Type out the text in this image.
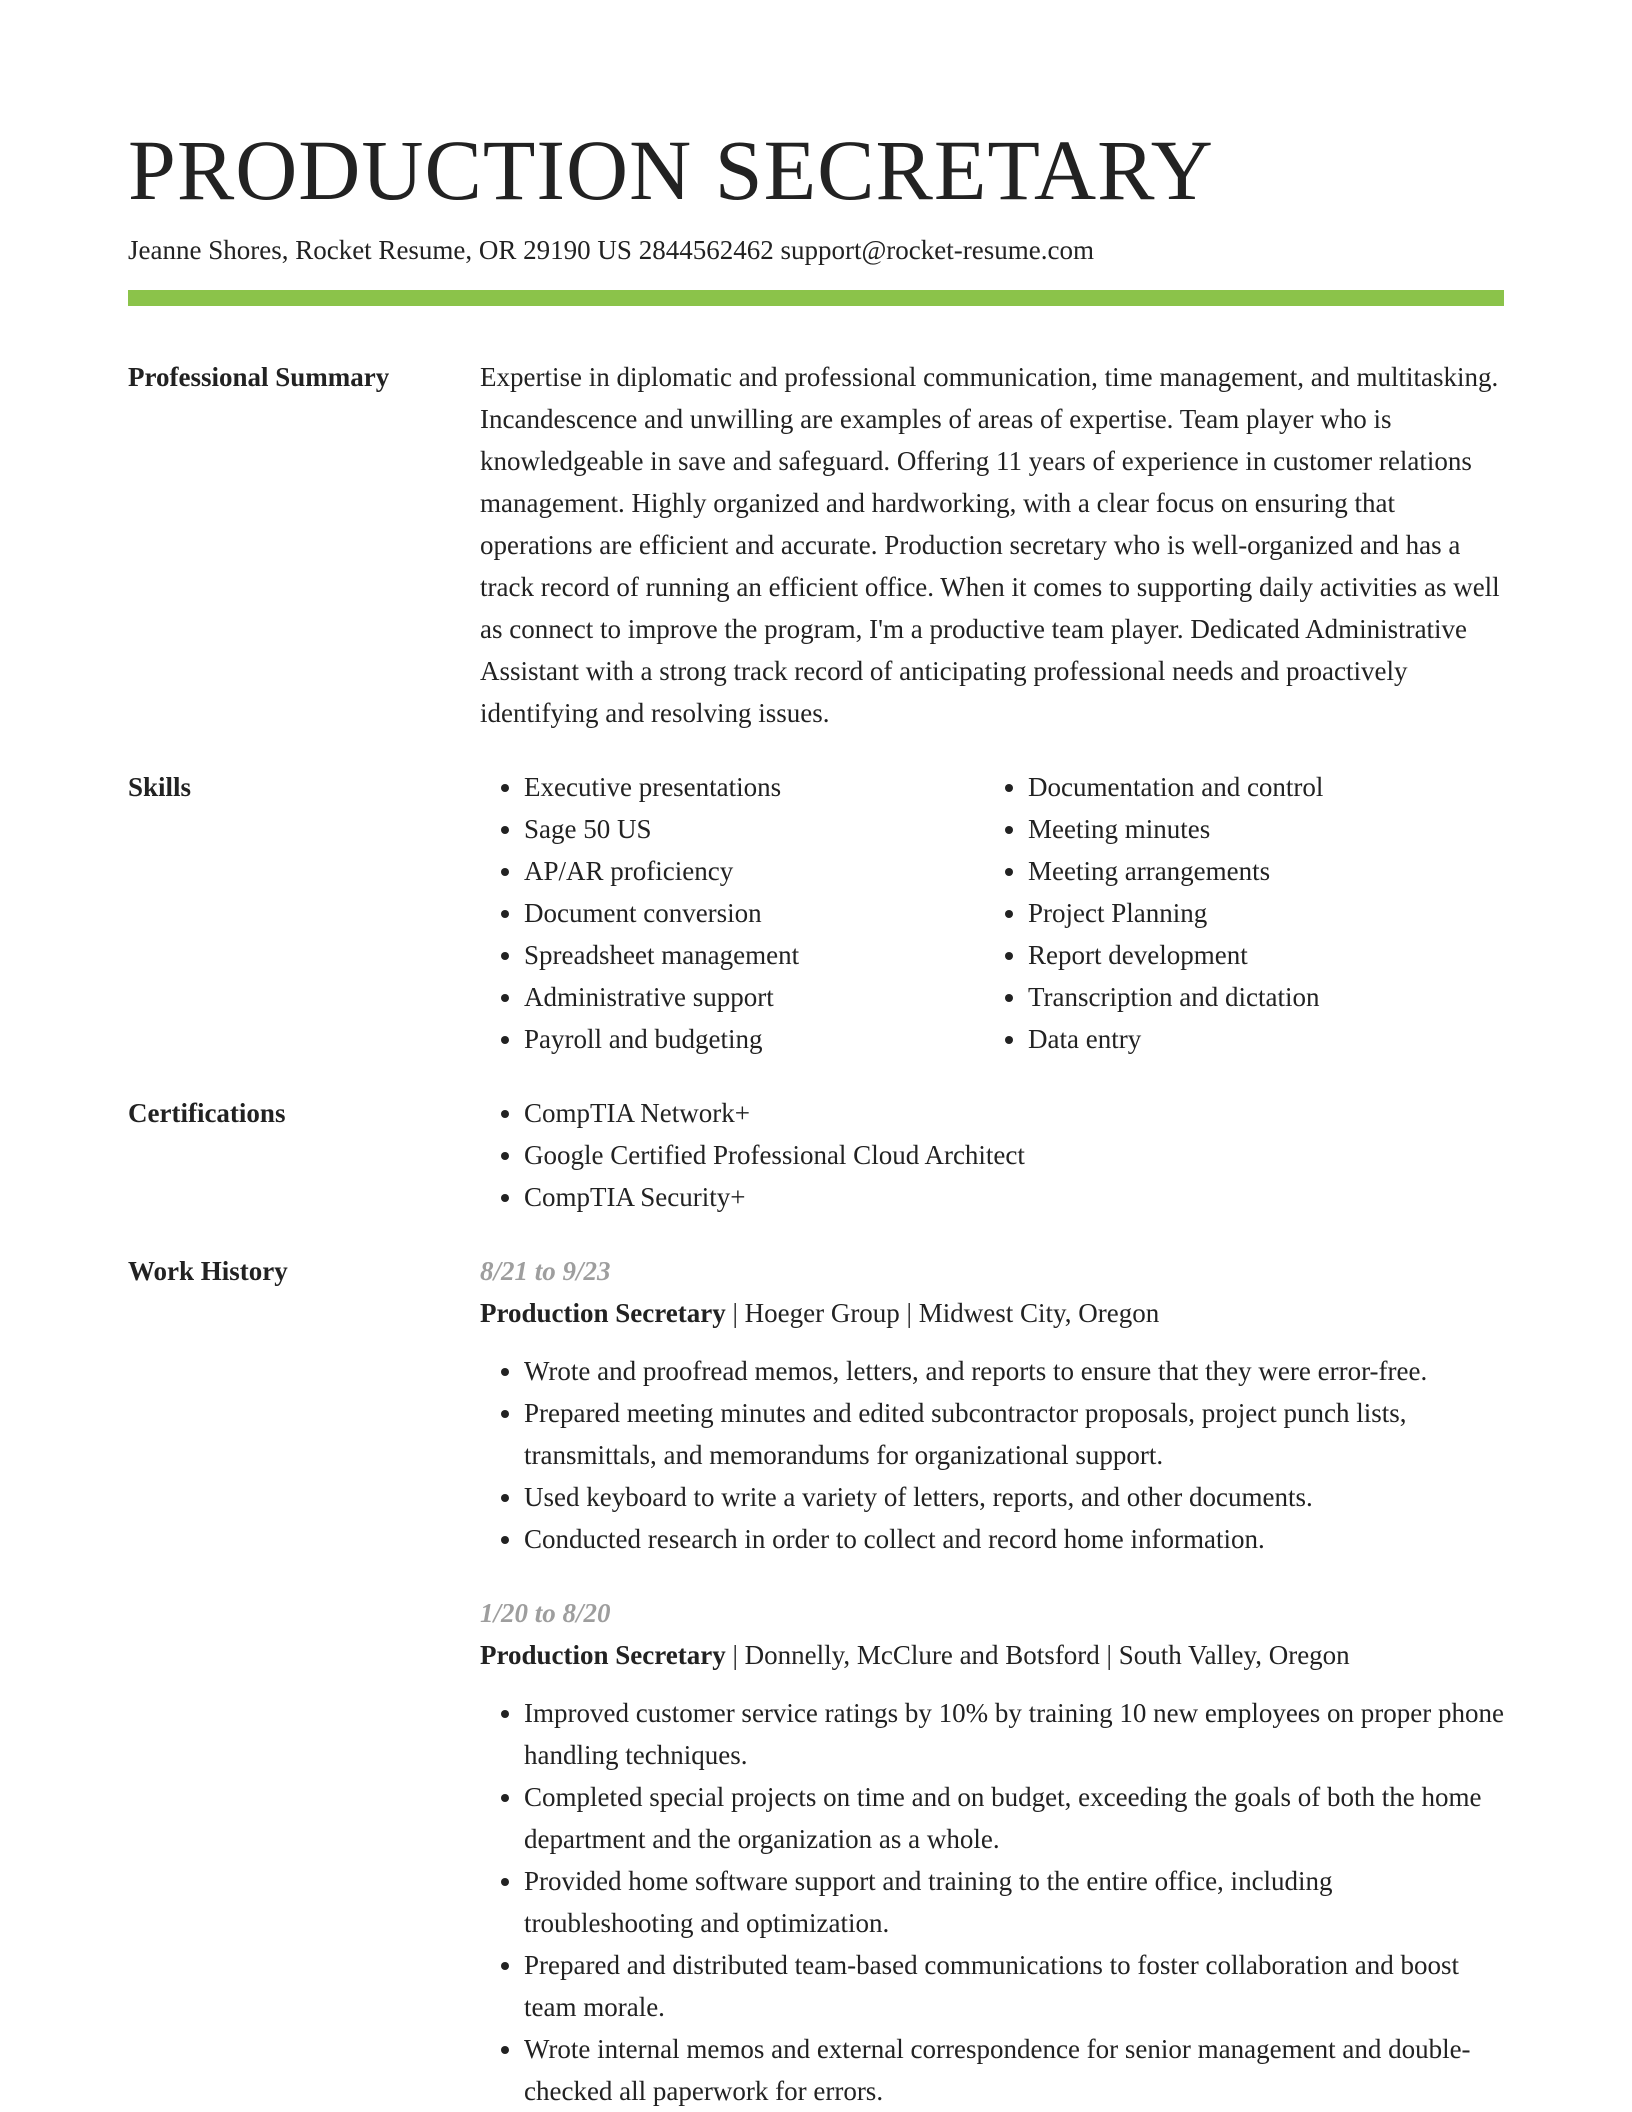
PRODUCTION SECRETARY
Jeanne Shores, Rocket Resume, OR 29190 US 2844562462 support@rocket-resume.com
Professional Summary	Expertise in diplomatic and professional communication, time management, and multitasking. Incandescence and unwilling are examples of areas of expertise. Team player who is knowledgeable in save and safeguard. Offering 11 years of experience in customer relations management. Highly organized and hardworking, with a clear focus on ensuring that operations are efficient and accurate. Production secretary who is well-organized and has a track record of running an efficient office. When it comes to supporting daily activities as well as connect to improve the program, I'm a productive team player. Dedicated Administrative Assistant with a strong track record of anticipating professional needs and proactively identifying and resolving issues.

Skills	• Executive presentations
• Sage 50 US
• AP/AR proficiency
• Document conversion
• Spreadsheet management
• Administrative support
• Payroll and budgeting
• Documentation and control
• Meeting minutes
• Meeting arrangements
• Project Planning
• Report development
• Transcription and dictation
• Data entry
Certifications	• CompTIA Network+
• Google Certified Professional Cloud Architect
• CompTIA Security+
Work History	8/21 to 9/23
Production Secretary | Hoeger Group | Midwest City, Oregon
• Wrote and proofread memos, letters, and reports to ensure that they were error-free.
• Prepared meeting minutes and edited subcontractor proposals, project punch lists, transmittals, and memorandums for organizational support.
• Used keyboard to write a variety of letters, reports, and other documents.
• Conducted research in order to collect and record home information.
1/20 to 8/20
Production Secretary | Donnelly, McClure and Botsford | South Valley, Oregon
• Improved customer service ratings by 10% by training 10 new employees on proper phone handling techniques.
• Completed special projects on time and on budget, exceeding the goals of both the home department and the organization as a whole.
• Provided home software support and training to the entire office, including troubleshooting and optimization.
• Prepared and distributed team-based communications to foster collaboration and boost team morale.
• Wrote internal memos and external correspondence for senior management and double-checked all paperwork for errors.
